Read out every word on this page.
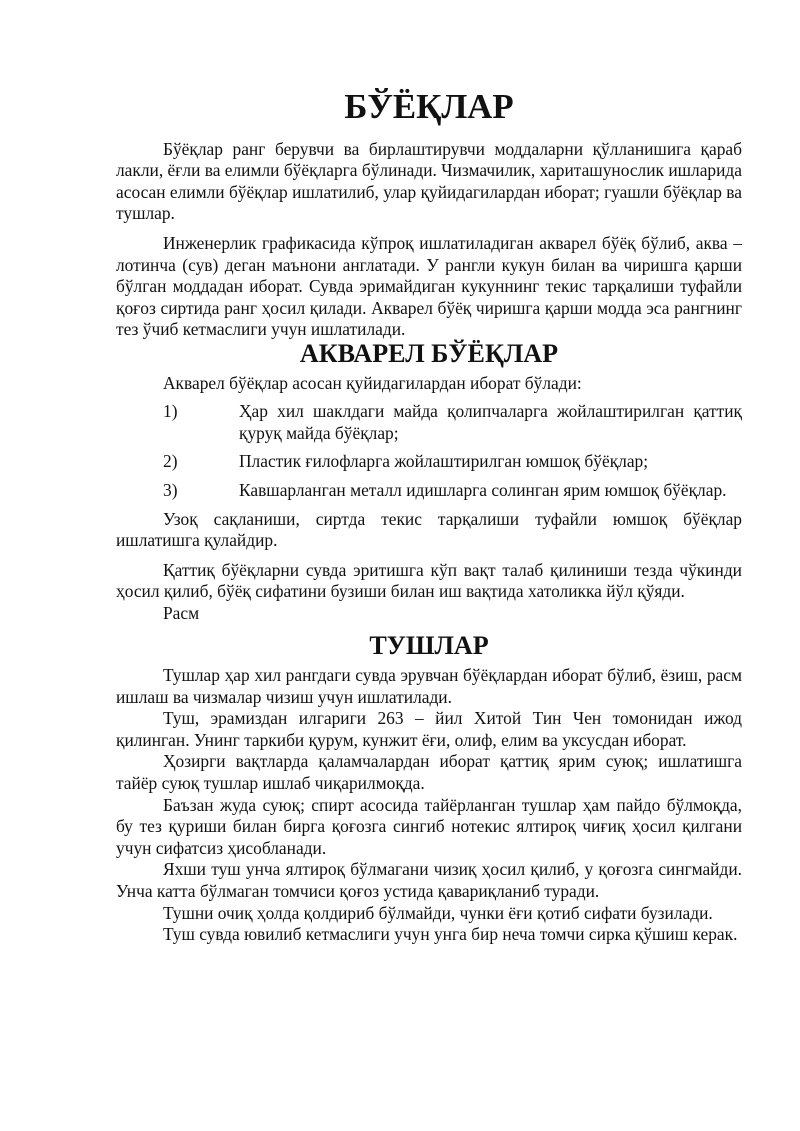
БЎЁҚЛАР

Бўёқлар ранг берувчи ва бирлаштирувчи моддаларни қўлланишига қараб лакли, ёғли ва елимли бўёқларга бўлинади. Чизмачилик, хариташунослик ишларида асосан елимли бўёқлар ишлатилиб, улар қуйидагилардан иборат; гуашли бўёқлар ва тушлар.

Инженерлик графикасида кўпроқ ишлатиладиган акварел бўёқ бўлиб, аква – лотинча (сув) деган маънони англатади. У рангли кукун билан ва чиришга қарши бўлган моддадан иборат. Сувда эримайдиган кукуннинг текис тарқалиши туфайли қоғоз сиртида ранг ҳосил қилади. Акварел бўёқ чиришга қарши модда эса рангнинг тез ўчиб кетмаслиги учун ишлатилади.

АКВАРЕЛ БЎЁҚЛАР

Акварел бўёқлар асосан қуйидагилардан иборат бўлади:

1)	Ҳар хил шаклдаги майда қолипчаларга жойлаштирилган қаттиқ қуруқ майда бўёқлар;
2)	Пластик ғилофларга жойлаштирилган юмшоқ бўёқлар;
3)	Кавшарланган металл идишларга солинган ярим юмшоқ бўёқлар.

Узоқ сақланиши, сиртда текис тарқалиши туфайли юмшоқ бўёқлар ишлатишга қулайдир.

Қаттиқ бўёқларни сувда эритишга кўп вақт талаб қилиниши тезда чўкинди ҳосил қилиб, бўёқ сифатини бузиши билан иш вақтида хатоликка йўл қўяди.

Расм

ТУШЛАР

Тушлар ҳар хил рангдаги сувда эрувчан бўёқлардан иборат бўлиб, ёзиш, расм ишлаш ва чизмалар чизиш учун ишлатилади.

Туш, эрамиздан илгариги 263 – йил Хитой Тин Чен томонидан ижод қилинган. Унинг таркиби қурум, кунжит ёғи, олиф, елим ва уксусдан иборат.

Ҳозирги вақтларда қаламчалардан иборат қаттиқ ярим суюқ; ишлатишга тайёр суюқ тушлар ишлаб чиқарилмоқда.

Баъзан жуда суюқ; спирт асосида тайёрланган тушлар ҳам пайдо бўлмоқда, бу тез қуриши билан бирга қоғозга сингиб нотекис ялтироқ чиғиқ ҳосил қилгани учун сифатсиз ҳисобланади.

Яхши туш унча ялтироқ бўлмагани чизиқ ҳосил қилиб, у қоғозга сингмайди. Унча катта бўлмаган томчиси қоғоз устида қавариқланиб туради.

Тушни очиқ ҳолда қолдириб бўлмайди, чунки ёғи қотиб сифати бузилади.

Туш сувда ювилиб кетмаслиги учун унга бир неча томчи сирка қўшиш керак.
